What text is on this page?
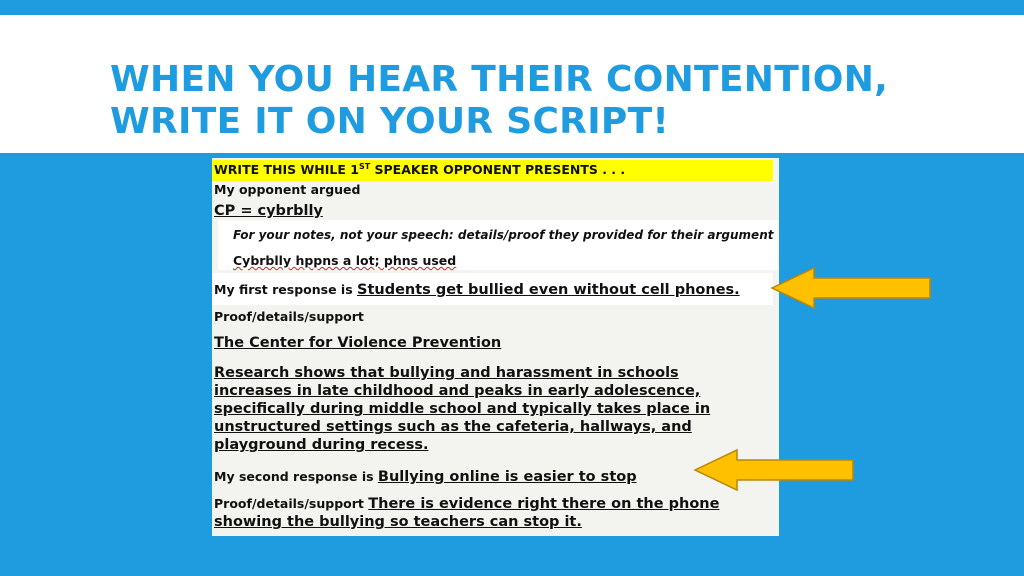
WHEN YOU HEAR THEIR CONTENTION,
WRITE IT ON YOUR SCRIPT!
WRITE THIS WHILE 1ST SPEAKER OPPONENT PRESENTS . . .
My opponent argued
CP = cybrblly
For your notes, not your speech: details/proof they provided for their argument
Cybrblly hppns a lot; phns used
My first response is Students get bullied even without cell phones.
Proof/details/support
The Center for Violence Prevention
Research shows that bullying and harassment in schools increases in late childhood and peaks in early adolescence, specifically during middle school and typically takes place in unstructured settings such as the cafeteria, hallways, and playground during recess.
My second response is Bullying online is easier to stop
Proof/details/support There is evidence right there on the phone showing the bullying so teachers can stop it.
